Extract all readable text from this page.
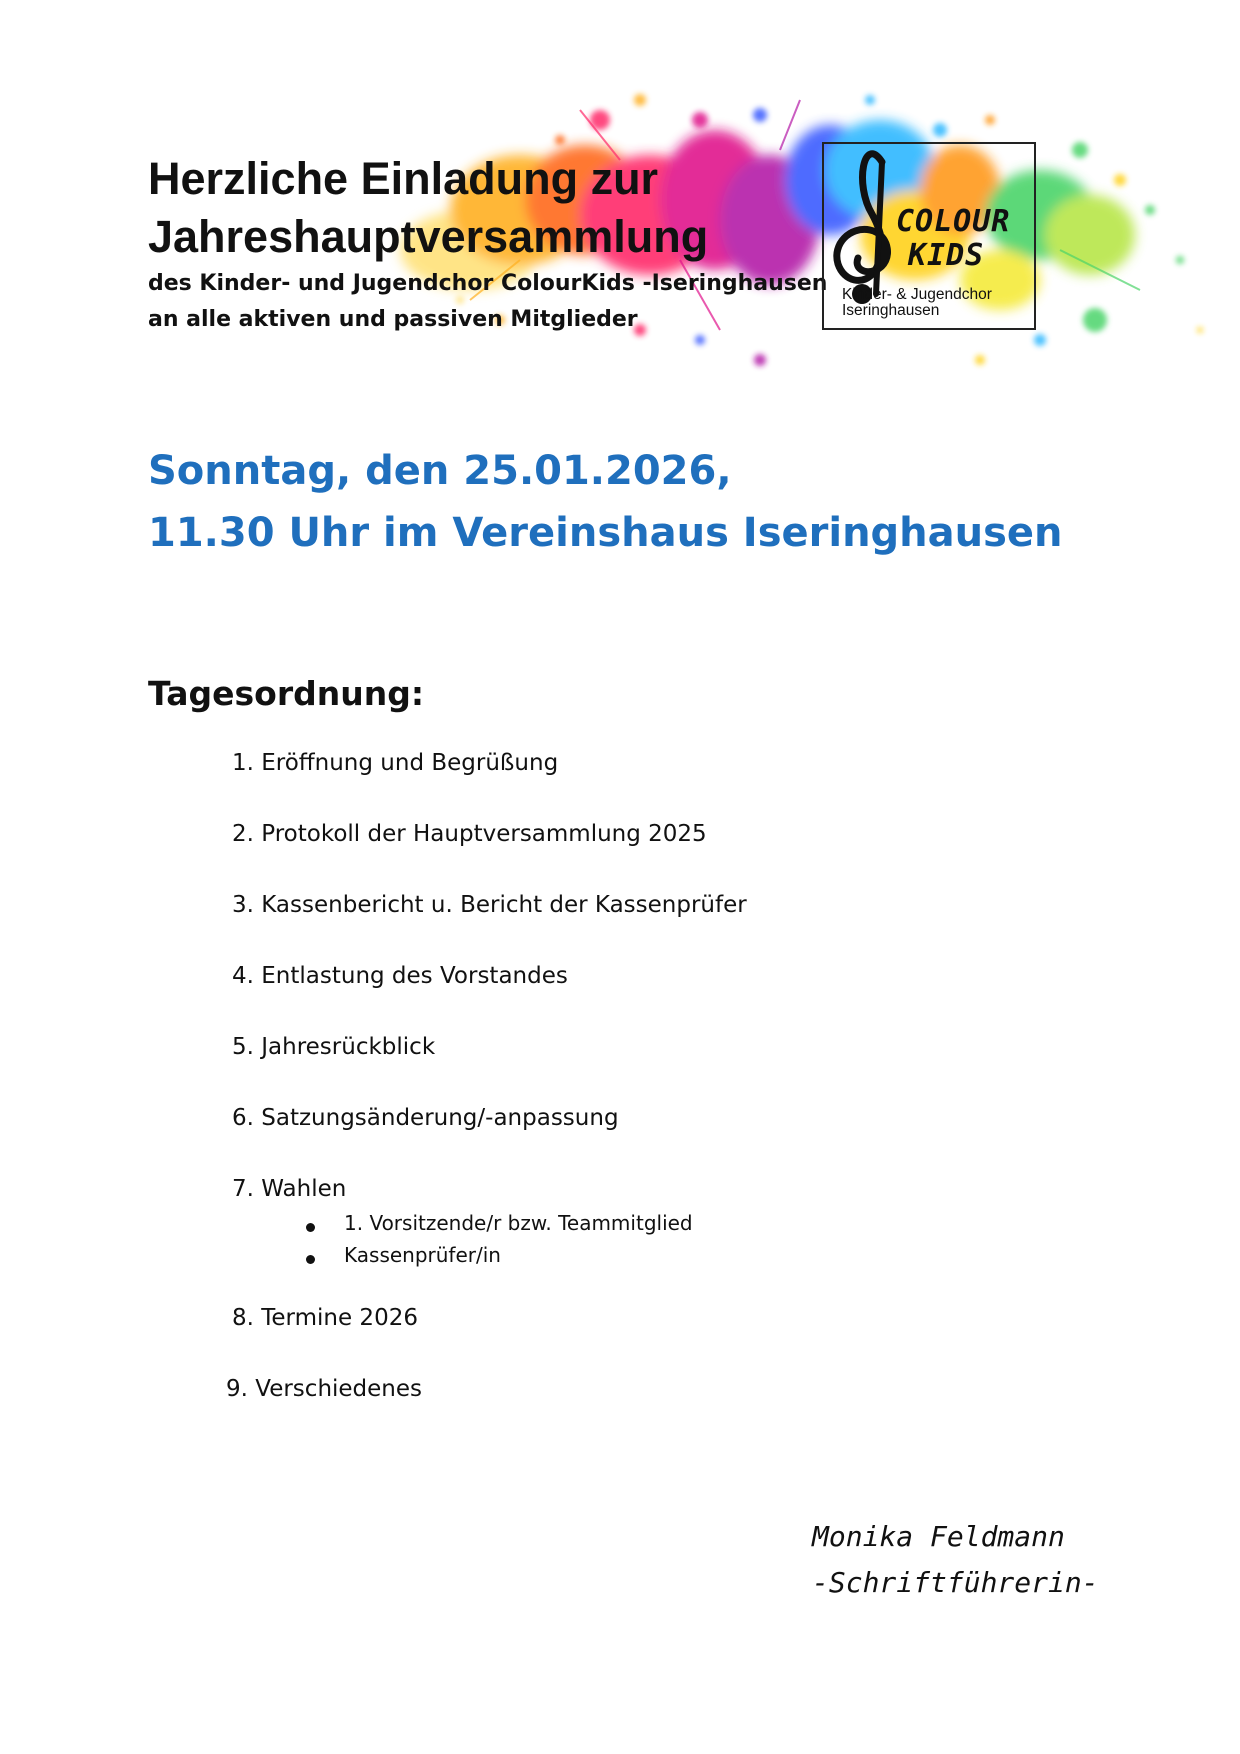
Herzliche Einladung zur
Jahreshauptversammlung
des Kinder- und Jugendchor ColourKids -Iseringhausen
an alle aktiven und passiven Mitglieder
COLOUR
KIDS
Kinder- & Jugendchor
Iseringhausen
Sonntag, den 25.01.2026,
11.30 Uhr im Vereinshaus Iseringhausen
Tagesordnung:
1. Eröffnung und Begrüßung
2. Protokoll der Hauptversammlung 2025
3. Kassenbericht u. Bericht der Kassenprüfer
4. Entlastung des Vorstandes
5. Jahresrückblick
6. Satzungsänderung/-anpassung
7. Wahlen
1. Vorsitzende/r bzw. Teammitglied
Kassenprüfer/in
8. Termine 2026
9. Verschiedenes
Monika Feldmann
-Schriftführerin-
